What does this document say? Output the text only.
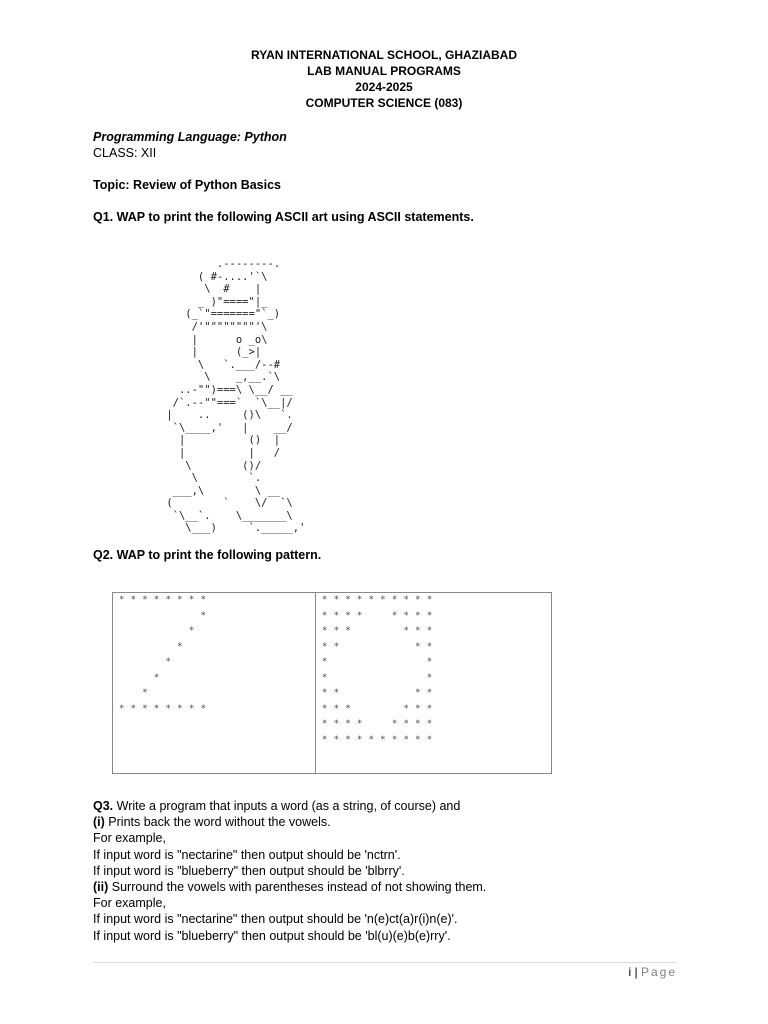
RYAN INTERNATIONAL SCHOOL, GHAZIABAD
LAB MANUAL PROGRAMS
2024-2025
COMPUTER SCIENCE (083)
Programming Language: Python
CLASS: XII
Topic: Review of Python Basics
Q1. WAP to print the following ASCII art using ASCII statements.
.--------.
( #-....'`\
\  #    |
_ )"===="|_
(_`"======="`_)
/'""""""""'\
|      o _o\
|      (_>|
\   `.___/--#
\    _,__.`\
..-"")===\ \__/ __
/`.--""===`  `\__|/
|    ..     ()\   `.
`\____,'   |    __/
|          ()  |
|          |   /
\        ()/
\        `.
___,\        \ __
(        `    \/  `\
`\__`.    \_______\
\___)     `._____,'
Q2. WAP to print the following pattern.
* * * * * * * *
*
*
*
*
*
*
* * * * * * * *
* * * * * * * * * *
* * * *     * * * *
* * *         * * *
* *             * *
*                 *
*                 *
* *             * *
* * *         * * *
* * * *     * * * *
* * * * * * * * * *
Q3. Write a program that inputs a word (as a string, of course) and
(i) Prints back the word without the vowels.
For example,
If input word is "nectarine" then output should be 'nctrn'.
If input word is "blueberry" then output should be 'blbrry'.
(ii) Surround the vowels with parentheses instead of not showing them.
For example,
If input word is "nectarine" then output should be 'n(e)ct(a)r(i)n(e)'.
If input word is "blueberry" then output should be 'bl(u)(e)b(e)rry'.
i | Page
